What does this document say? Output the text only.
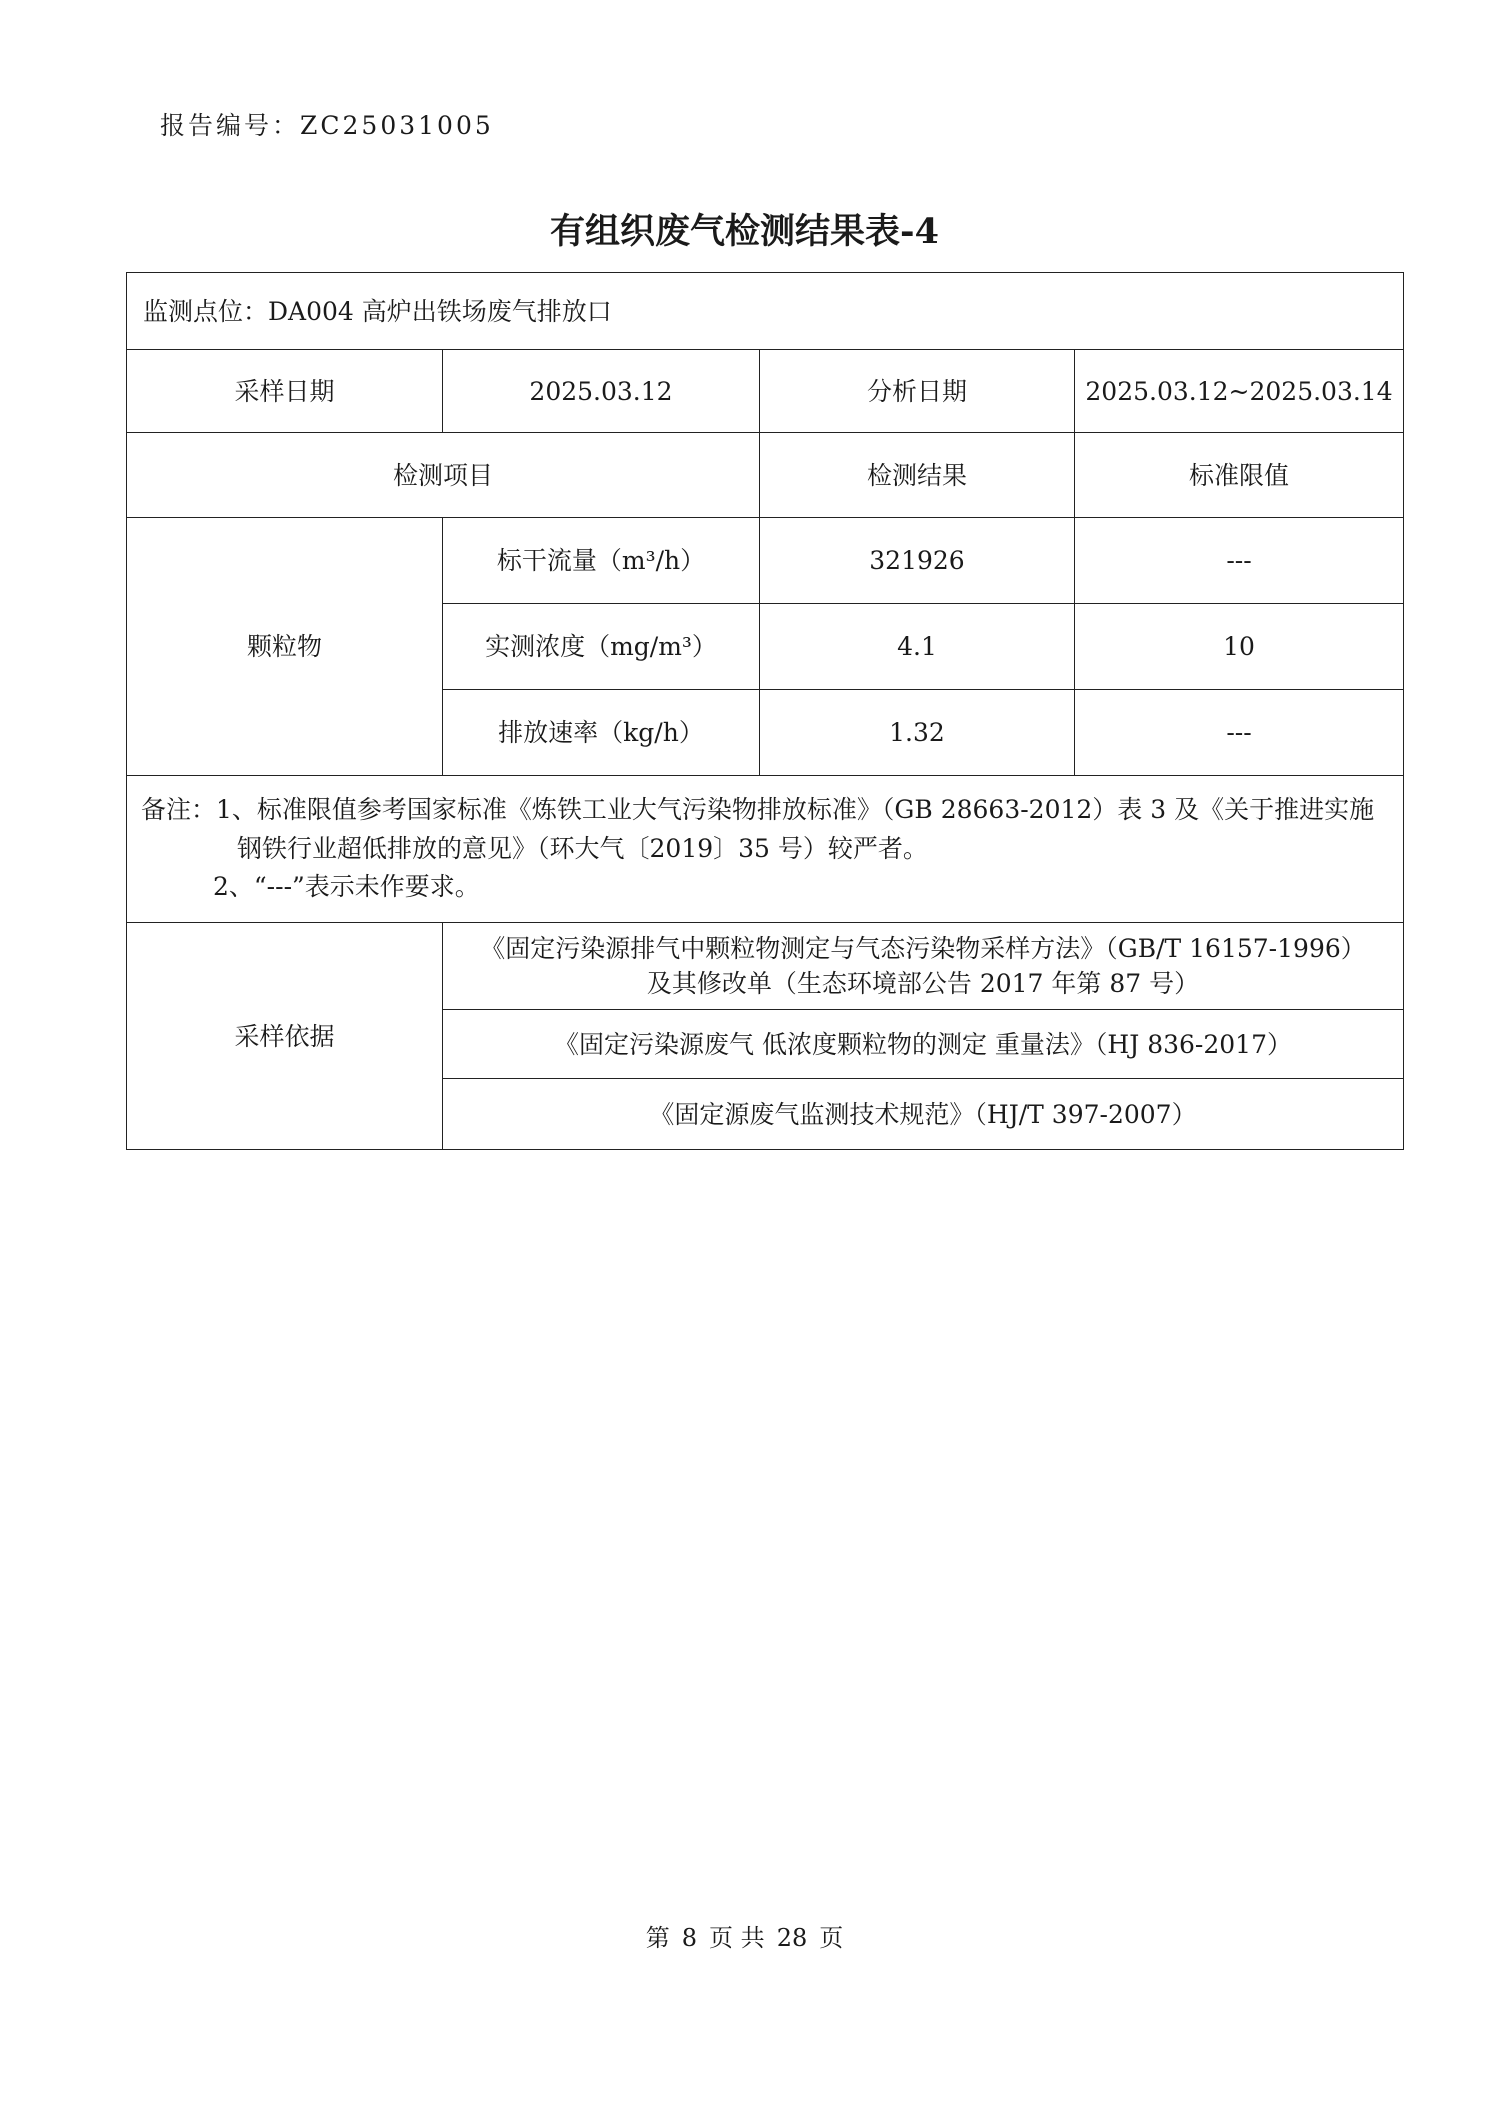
报告编号：ZC25031005
有组织废气检测结果表-4
监测点位：DA004 高炉出铁场废气排放口			
采样日期	2025.03.12	分析日期	2025.03.12~2025.03.14
检测项目		检测结果	标准限值
颗粒物	标干流量（m³/h）	321926	---
	实测浓度（mg/m³）	4.1	10
	排放速率（kg/h）	1.32	---

备注：1、标准限值参考国家标准《炼铁工业大气污染物排放标准》（GB 28663-2012）表 3 及《关于推进实施
钢铁行业超低排放的意见》（环大气〔2019〕35 号）较严者。
2、“---”表示未作要求。			

采样依据	《固定污染源排气中颗粒物测定与气态污染物采样方法》（GB/T 16157-1996）
及其修改单（生态环境部公告 2017 年第 87 号）		

	《固定污染源废气 低浓度颗粒物的测定 重量法》（HJ 836-2017）		
	《固定源废气监测技术规范》（HJ/T 397-2007）		
第 8 页 共 28 页
